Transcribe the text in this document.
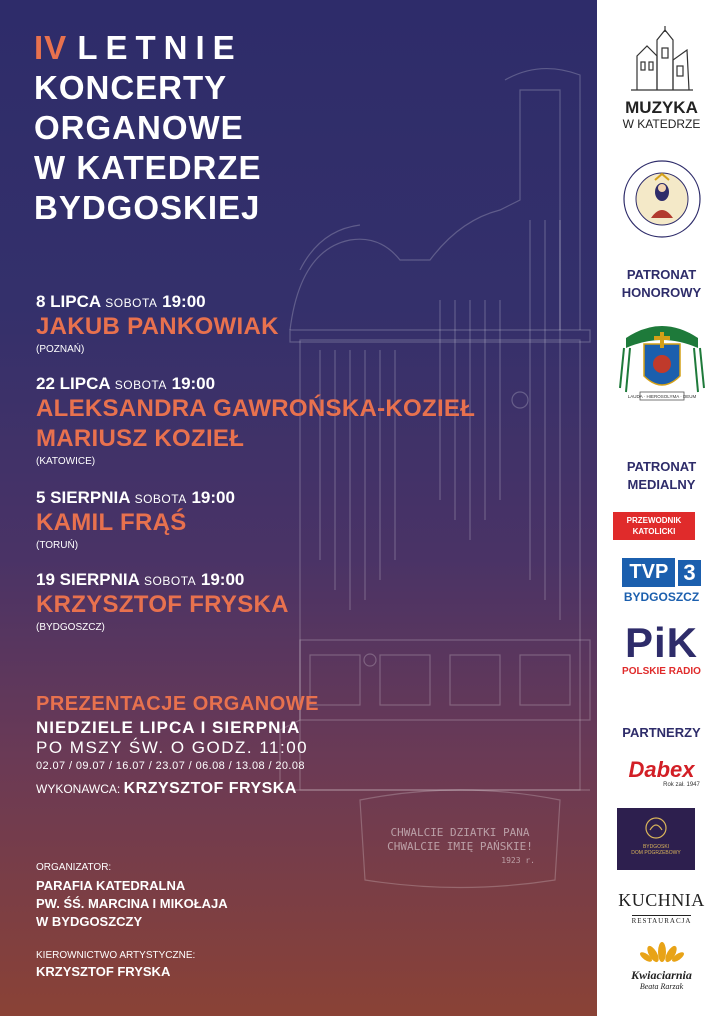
CHWALCIE DZIATKI PANA
CHWALCIE IMIĘ PAŃSKIE!
1923 r.
IV LETNIE
KONCERTY
ORGANOWE
W KATEDRZE
BYDGOSKIEJ
8 LIPCA SOBOTA 19:00
JAKUB PANKOWIAK
(POZNAŃ)
22 LIPCA SOBOTA 19:00
ALEKSANDRA GAWROŃSKA-KOZIEŁ
MARIUSZ KOZIEŁ
(KATOWICE)
5 SIERPNIA SOBOTA 19:00
KAMIL FRĄŚ
(TORUŃ)
19 SIERPNIA SOBOTA 19:00
KRZYSZTOF FRYSKA
(BYDGOSZCZ)
PREZENTACJE ORGANOWE
NIEDZIELE LIPCA I SIERPNIA
PO MSZY ŚW. O GODZ. 11:00
02.07 / 09.07 / 16.07 / 23.07 / 06.08 / 13.08 / 20.08
WYKONAWCA: KRZYSZTOF FRYSKA
ORGANIZATOR:
PARAFIA KATEDRALNA
PW. ŚŚ. MARCINA I MIKOŁAJA
W BYDGOSZCZY
KIEROWNICTWO ARTYSTYCZNE:
KRZYSZTOF FRYSKA
MUZYKA
W KATEDRZE
PATRONAT
HONOROWY
LAUDA · HIEROSOLYMA · DEUM
PATRONAT
MEDIALNY
PRZEWODNIK
KATOLICKI
TVP 3
BYDGOSZCZ
PiK
POLSKIE RADIO
PARTNERZY
Dabex
Rok zał. 1947
BYDGOSKI
DOM POGRZEBOWY
KUCHNIA
RESTAURACJA
Kwiaciarnia
Beata Rarzak
